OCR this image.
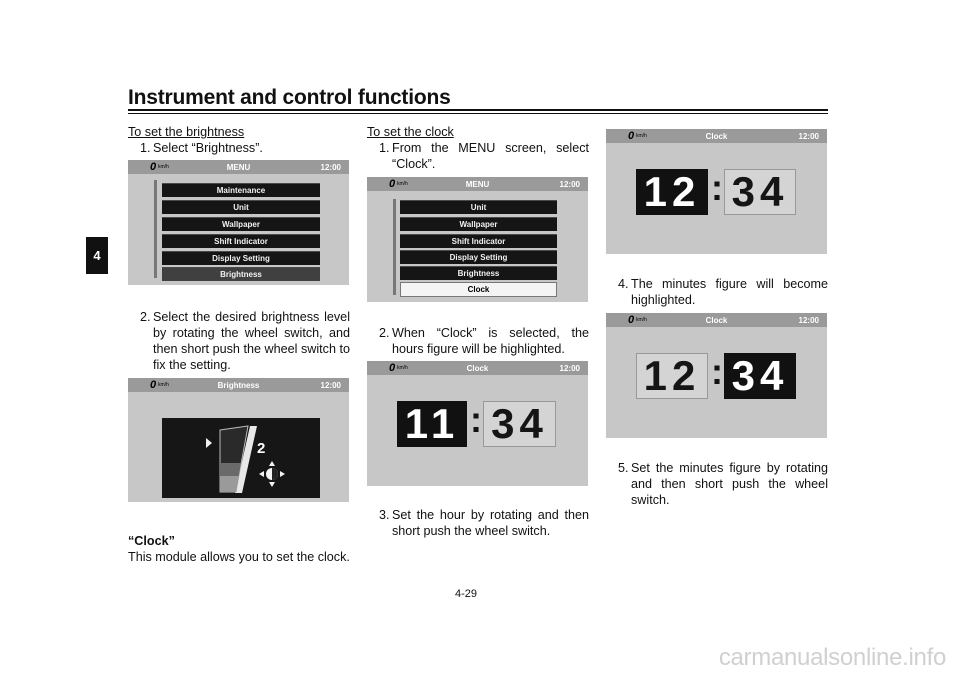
Instrument and control functions
4
To set the brightness
1. Select “Brightness”.
0 km/h	MENU	12:00
Maintenance
Unit
Wallpaper
Shift Indicator
Display Setting
Brightness
2. Select the desired brightness level by rotating the wheel switch, and then short push the wheel switch to fix the setting.
0 km/h	Brightness	12:00
2
“Clock”
This module allows you to set the clock.
To set the clock
1. From the MENU screen, select “Clock”.
0 km/h	MENU	12:00
Unit
Wallpaper
Shift Indicator
Display Setting
Brightness
Clock
2. When “Clock” is selected, the hours figure will be highlighted.
0 km/h	Clock	12:00
11 : 34
3. Set the hour by rotating and then short push the wheel switch.
0 km/h	Clock	12:00
12 : 34
4. The minutes figure will become highlighted.
0 km/h	Clock	12:00
12 : 34
5. Set the minutes figure by rotating and then short push the wheel switch.
4-29
carmanualsonline.info
